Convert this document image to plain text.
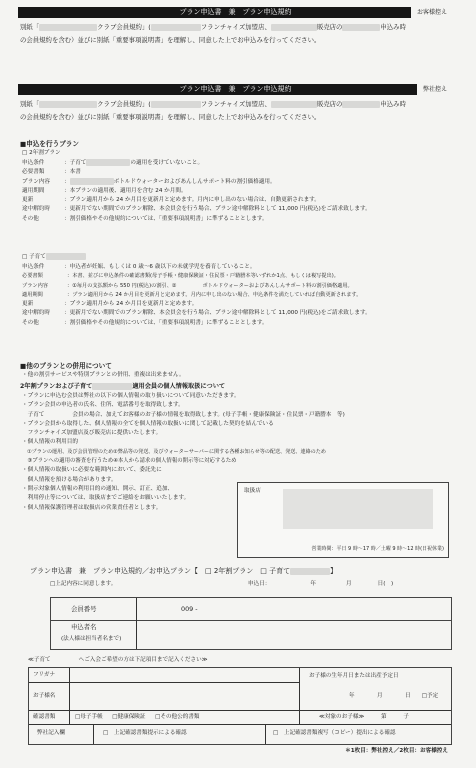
プラン申込書　兼　プラン申込規約	お客様控え
別紙「	クラブ会員規約」(	フランチャイズ加盟店、	販売店の	申込み時
の会員規約を含む）並びに別紙「重要事項説明書」を理解し、同意した上でお申込みを行ってください。
プラン申込書　兼　プラン申込規約	弊社控え
別紙「	クラブ会員規約」(	フランチャイズ加盟店、	販売店の	申込み時
の会員規約を含む）並びに別紙「重要事項説明書」を理解し、同意した上でお申込みを行ってください。
■申込を行うプラン
□ 2年割プラン
申込条件	：子育て	の適用を受けていないこと。
必要書類	：本書
プラン内容	：	ボトルドウォーターおよびあんしんサポート料の割引価格適用。
適用期間	：本プランの適用後、適用月を含む 24 か月間。
更新	：プラン適用月から 24 か月目を更新月と定めます。月内に申し出のない場合は、自動更新されます。
途中解約時	：更新月でない期間でのプラン解除、本会員会を行う場合、プラン途中解除料として 11,000 円(税込)をご請求致します。
その他	：割引価格やその他規約については、「重要事項説明書」に準ずることとします。
□ 子育て
申込条件	：申込者が妊娠、もしくは 0 歳～6 歳以下の未就学児を養育していること。
必要書類	：本書、並びに申込条件の確認書類(母子手帳・健康保険証・住民票・戸籍謄本等いずれか1点、もしくは複写提出)。
プラン内容	：①毎月の支払額から 550 円(税込)の割引、②　　　　　ボトルドウォーターおよびあんしんサポート料の割引価格適用。
適用期間	：プラン適用月から 24 か月目を更新月と定めます。月内に申し出のない場合、申込条件を満たしていれば自動更新されます。
更新	：プラン適用月から 24 か月目を更新月と定めます。
途中解約時	：更新月でない期間でのプラン解除、本会員会を行う場合、プラン途中解除料として 11,000 円(税込)をご請求致します。
その他	：割引価格やその他規約については、「重要事項説明書」に準ずることとします。
■他のプランとの併用について
・他の割引サービスや特別プランとの併用、重複は出来ません。
2年割プランおよび子育て	適用会員の個人情報取扱について
・プランに申込む会員は弊社の以下の個人情報の取り扱いについて同意いただきます。
・プラン会員の申込者の氏名、住所、電話番号を取得致します。
　子育て　　　　　会員の場合、加えてお客様のお子様の情報を取得致します。(母子手帳・健康保険証・住民票・戸籍謄本　等)
・プラン会員から取得した、個人情報の全てを個人情報の取扱いに関して記載した契約を結んでいる
　フランチャイズ加盟店及び販売店に提供いたします。
・個人情報の利用目的
　①プランの運用、及び会員管理のため②弊品等の発送、及びウォーターサーバーに関する各種お知らせ等の配送、発送、連絡のため
　③プランへの適用の審査を行うため④本人から請求の個人情報の開示等に対応するため
・個人情報の取扱いに必要な範囲内において、委託先に
　個人情報を預ける場合があります。
・開示対象個人情報の利用目的の通知、開示、訂正、追加、
　利用停止等については、取扱店までご連絡をお願いいたします。
・個人情報保護管理者は取扱店の営業責任者とします。
取扱店
営業時間：平日 9 時～17 時／土曜 9 時～12 時(日祝休業)
プラン申込書　兼　プラン申込規約／お申込プラン【　□ 2年割プラン　□ 子育て	】
□上記内容に同意します。	申込日：	年	月	日(　)
会員番号	009 -
申込者名
(法人様は担当者名まで)
≪子育て　　　　　へご入会ご希望の方は下記項目まで記入ください≫
フリガナ
お子様名
確認書類	□母子手帳 □健康保険証 □その他公的書類
お子様の生年月日または出産予定日
年　　　　月　　　　日　　□予定
≪対象のお子様≫　　　第　　　子
弊社記入欄	□　上記確認書類提示による確認	□　上記確認書類複写（コピー）提出による確認
＊1枚目：弊社控え／2枚目：お客様控え
